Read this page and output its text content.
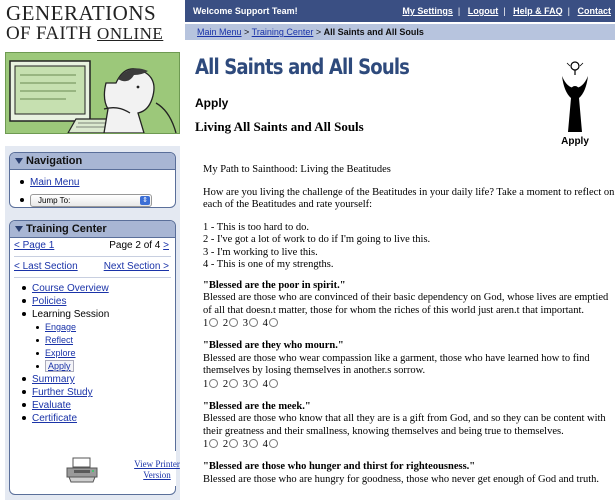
GENERATIONS
OF FAITH ONLINE
Navigation
Main Menu
Jump To:	⇕
Training Center
< Page 1	Page 2 of 4 >
< Last Section	Next Section >
Course Overview
Policies
Learning Session
Engage
Reflect
Explore
Apply
Summary
Further Study
Evaluate
Certificate
View Printer
Version
Welcome Support Team!	My Settings | Logout | Help & FAQ | Contact
Main Menu > Training Center > All Saints and All Souls
All Saints and All Souls
Apply
Living All Saints and All Souls
Apply

My Path to Sainthood: Living the Beatitudes

How are you living the challenge of the Beatitudes in your daily life? Take a moment to reflect on each of the Beatitudes and rate yourself:

1 - This is too hard to do.

2 - I've got a lot of work to do if I'm going to live this.

3 - I'm working to live this.

4 - This is one of my strengths.

"Blessed are the poor in spirit."

Blessed are those who are convinced of their basic dependency on God, whose lives are emptied of all that doesn.t matter, those for whom the riches of this world just aren.t that important.

1 2 3 4

"Blessed are they who mourn."

Blessed are those who wear compassion like a garment, those who have learned how to find themselves by losing themselves in another.s sorrow.

1 2 3 4

"Blessed are the meek."

Blessed are those who know that all they are is a gift from God, and so they can be content with their greatness and their smallness, knowing themselves and being true to themselves.

1 2 3 4

"Blessed are those who hunger and thirst for righteousness."

Blessed are those who are hungry for goodness, those who never get enough of God and truth.
